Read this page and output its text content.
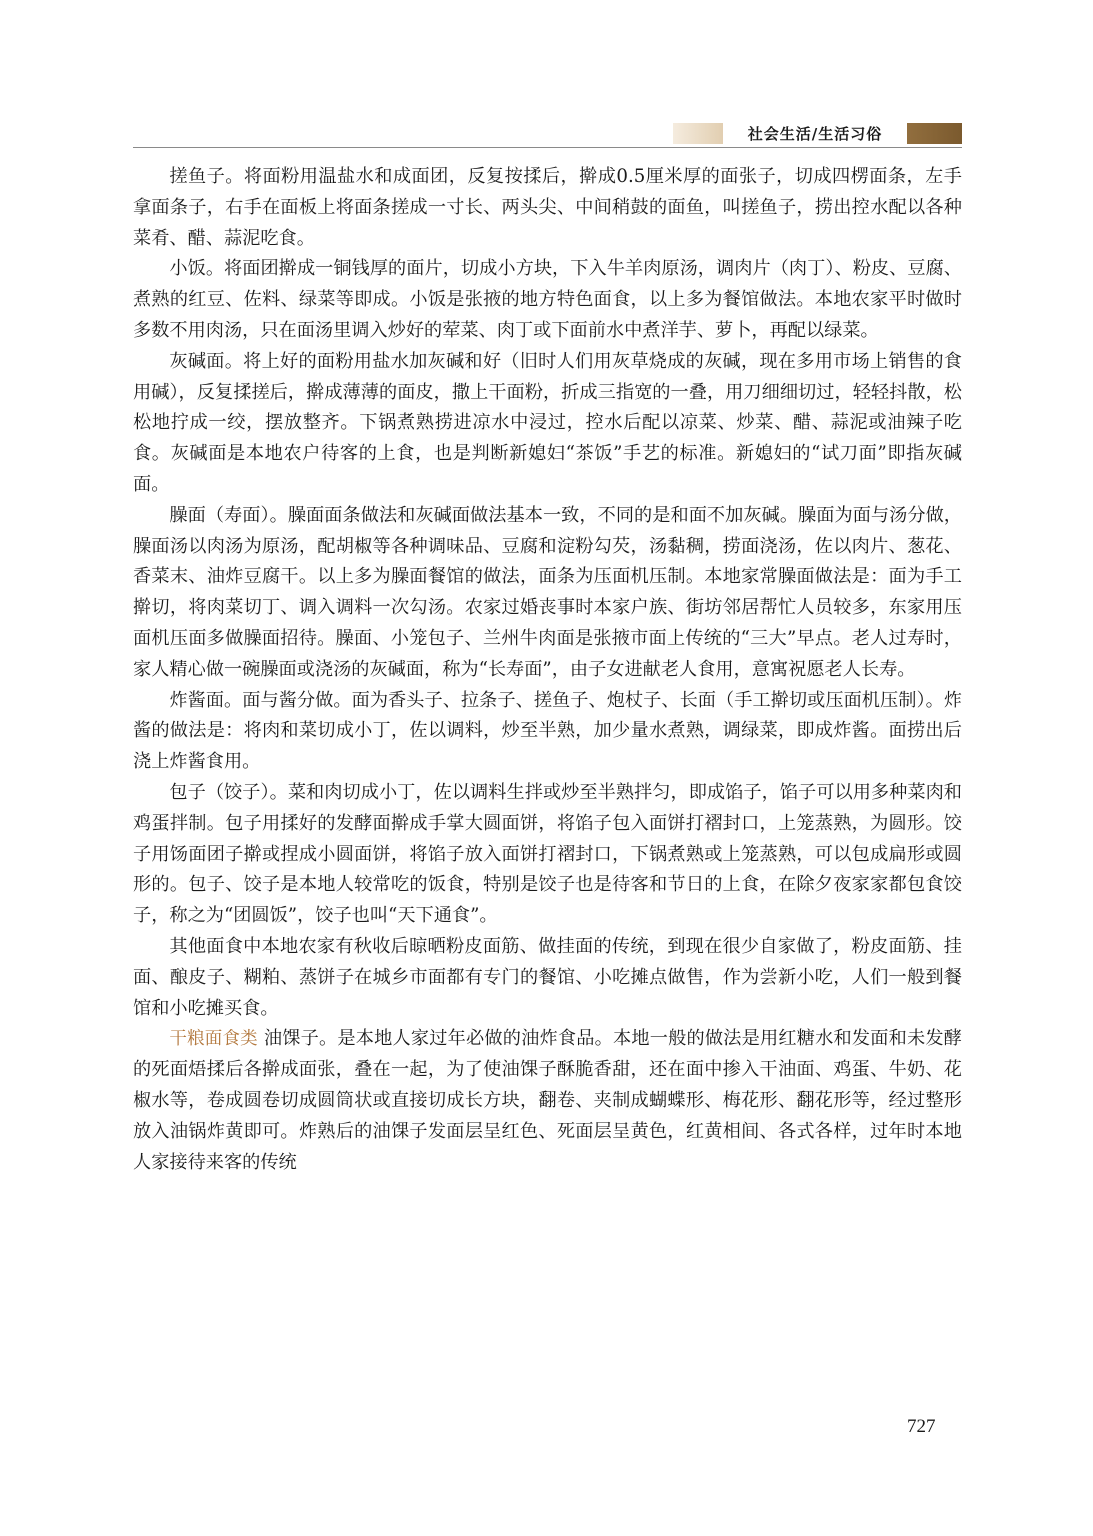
社会生活/生活习俗

搓鱼子。将面粉用温盐水和成面团，反复按揉后，擀成0.5厘米厚的面张子，切成四楞面条，左手拿面条子，右手在面板上将面条搓成一寸长、两头尖、中间稍鼓的面鱼，叫搓鱼子，捞出控水配以各种菜肴、醋、蒜泥吃食。

小饭。将面团擀成一铜钱厚的面片，切成小方块，下入牛羊肉原汤，调肉片（肉丁）、粉皮、豆腐、煮熟的红豆、佐料、绿菜等即成。小饭是张掖的地方特色面食，以上多为餐馆做法。本地农家平时做时多数不用肉汤，只在面汤里调入炒好的荤菜、肉丁或下面前水中煮洋芋、萝卜，再配以绿菜。

灰碱面。将上好的面粉用盐水加灰碱和好（旧时人们用灰草烧成的灰碱，现在多用市场上销售的食用碱），反复揉搓后，擀成薄薄的面皮，撒上干面粉，折成三指宽的一叠，用刀细细切过，轻轻抖散，松松地拧成一绞，摆放整齐。下锅煮熟捞进凉水中浸过，控水后配以凉菜、炒菜、醋、蒜泥或油辣子吃食。灰碱面是本地农户待客的上食，也是判断新媳妇“茶饭”手艺的标准。新媳妇的“试刀面”即指灰碱面。

臊面（寿面）。臊面面条做法和灰碱面做法基本一致，不同的是和面不加灰碱。臊面为面与汤分做，臊面汤以肉汤为原汤，配胡椒等各种调味品、豆腐和淀粉勾芡，汤黏稠，捞面浇汤，佐以肉片、葱花、香菜末、油炸豆腐干。以上多为臊面餐馆的做法，面条为压面机压制。本地家常臊面做法是：面为手工擀切，将肉菜切丁、调入调料一次勾汤。农家过婚丧事时本家户族、街坊邻居帮忙人员较多，东家用压面机压面多做臊面招待。臊面、小笼包子、兰州牛肉面是张掖市面上传统的“三大”早点。老人过寿时，家人精心做一碗臊面或浇汤的灰碱面，称为“长寿面”，由子女进献老人食用，意寓祝愿老人长寿。

炸酱面。面与酱分做。面为香头子、拉条子、搓鱼子、炮杖子、长面（手工擀切或压面机压制）。炸酱的做法是：将肉和菜切成小丁，佐以调料，炒至半熟，加少量水煮熟，调绿菜，即成炸酱。面捞出后浇上炸酱食用。

包子（饺子）。菜和肉切成小丁，佐以调料生拌或炒至半熟拌匀，即成馅子，馅子可以用多种菜肉和鸡蛋拌制。包子用揉好的发酵面擀成手掌大圆面饼，将馅子包入面饼打褶封口，上笼蒸熟，为圆形。饺子用饧面团子擀或捏成小圆面饼，将馅子放入面饼打褶封口，下锅煮熟或上笼蒸熟，可以包成扁形或圆形的。包子、饺子是本地人较常吃的饭食，特别是饺子也是待客和节日的上食，在除夕夜家家都包食饺子，称之为“团圆饭”，饺子也叫“天下通食”。

其他面食中本地农家有秋收后晾晒粉皮面筋、做挂面的传统，到现在很少自家做了，粉皮面筋、挂面、酿皮子、糊粕、蒸饼子在城乡市面都有专门的餐馆、小吃摊点做售，作为尝新小吃，人们一般到餐馆和小吃摊买食。

干粮面食类 油馃子。是本地人家过年必做的油炸食品。本地一般的做法是用红糖水和发面和未发酵的死面焐揉后各擀成面张，叠在一起，为了使油馃子酥脆香甜，还在面中掺入干油面、鸡蛋、牛奶、花椒水等，卷成圆卷切成圆筒状或直接切成长方块，翻卷、夹制成蝴蝶形、梅花形、翻花形等，经过整形放入油锅炸黄即可。炸熟后的油馃子发面层呈红色、死面层呈黄色，红黄相间、各式各样，过年时本地人家接待来客的传统

727
